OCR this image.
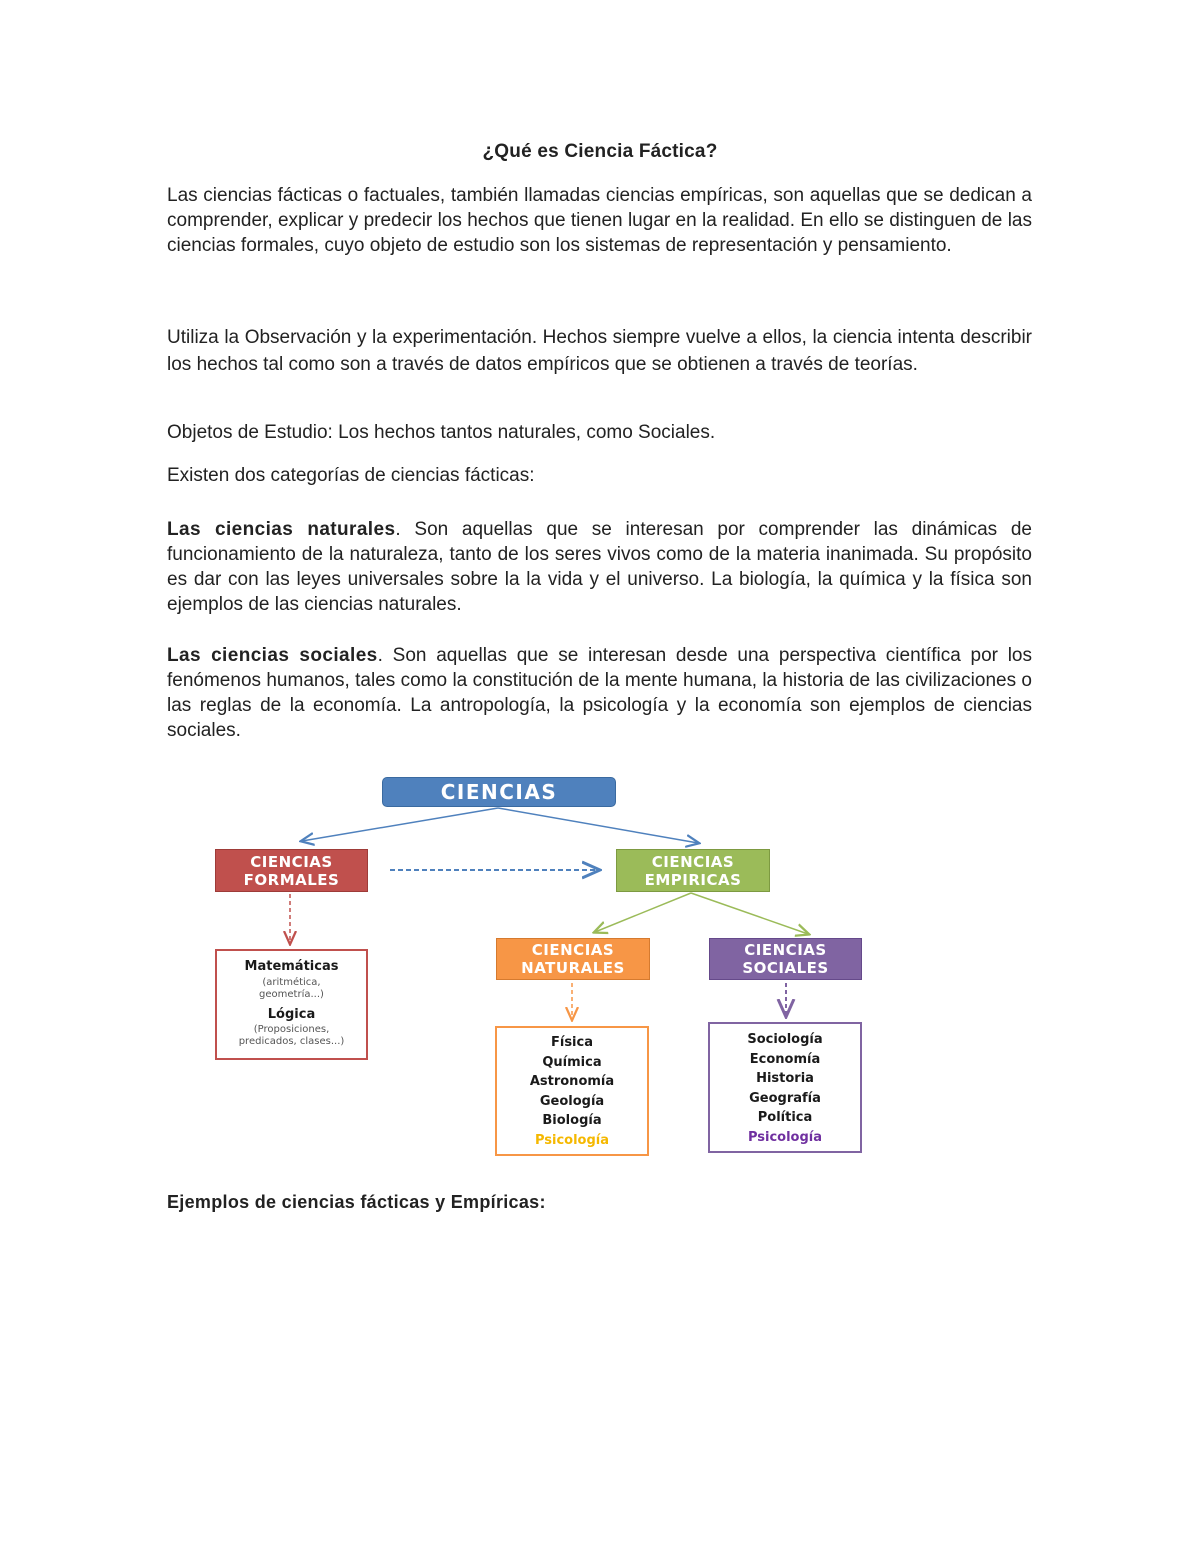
¿Qué es Ciencia Fáctica?

Las ciencias fácticas o factuales, también llamadas ciencias empíricas, son aquellas que se dedican a comprender, explicar y predecir los hechos que tienen lugar en la realidad. En ello se distinguen de las ciencias formales, cuyo objeto de estudio son los sistemas de representación y pensamiento.

Utiliza la Observación y la experimentación. Hechos siempre vuelve a ellos, la ciencia intenta describir los hechos tal como son a través de datos empíricos que se obtienen a través de teorías.

Objetos de Estudio: Los hechos tantos naturales, como Sociales.

Existen dos categorías de ciencias fácticas:

Las ciencias naturales. Son aquellas que se interesan por comprender las dinámicas de funcionamiento de la naturaleza, tanto de los seres vivos como de la materia inanimada. Su propósito es dar con las leyes universales sobre la la vida y el universo. La biología, la química y la física son ejemplos de las ciencias naturales.

Las ciencias sociales. Son aquellas que se interesan desde una perspectiva científica por los fenómenos humanos, tales como la constitución de la mente humana, la historia de las civilizaciones o las reglas de la economía. La antropología, la psicología y la economía son ejemplos de ciencias sociales.

CIENCIAS
CIENCIAS
FORMALES
CIENCIAS
EMPIRICAS
CIENCIAS
NATURALES
CIENCIAS
SOCIALES
Matemáticas
(aritmética,
geometría...)
Lógica
(Proposiciones,
predicados, clases...)	Física
Química
Astronomía
Geología
Biología
Psicología
Sociología
Economía
Historia
Geografía
Política
Psicología

Ejemplos de ciencias fácticas y Empíricas:
